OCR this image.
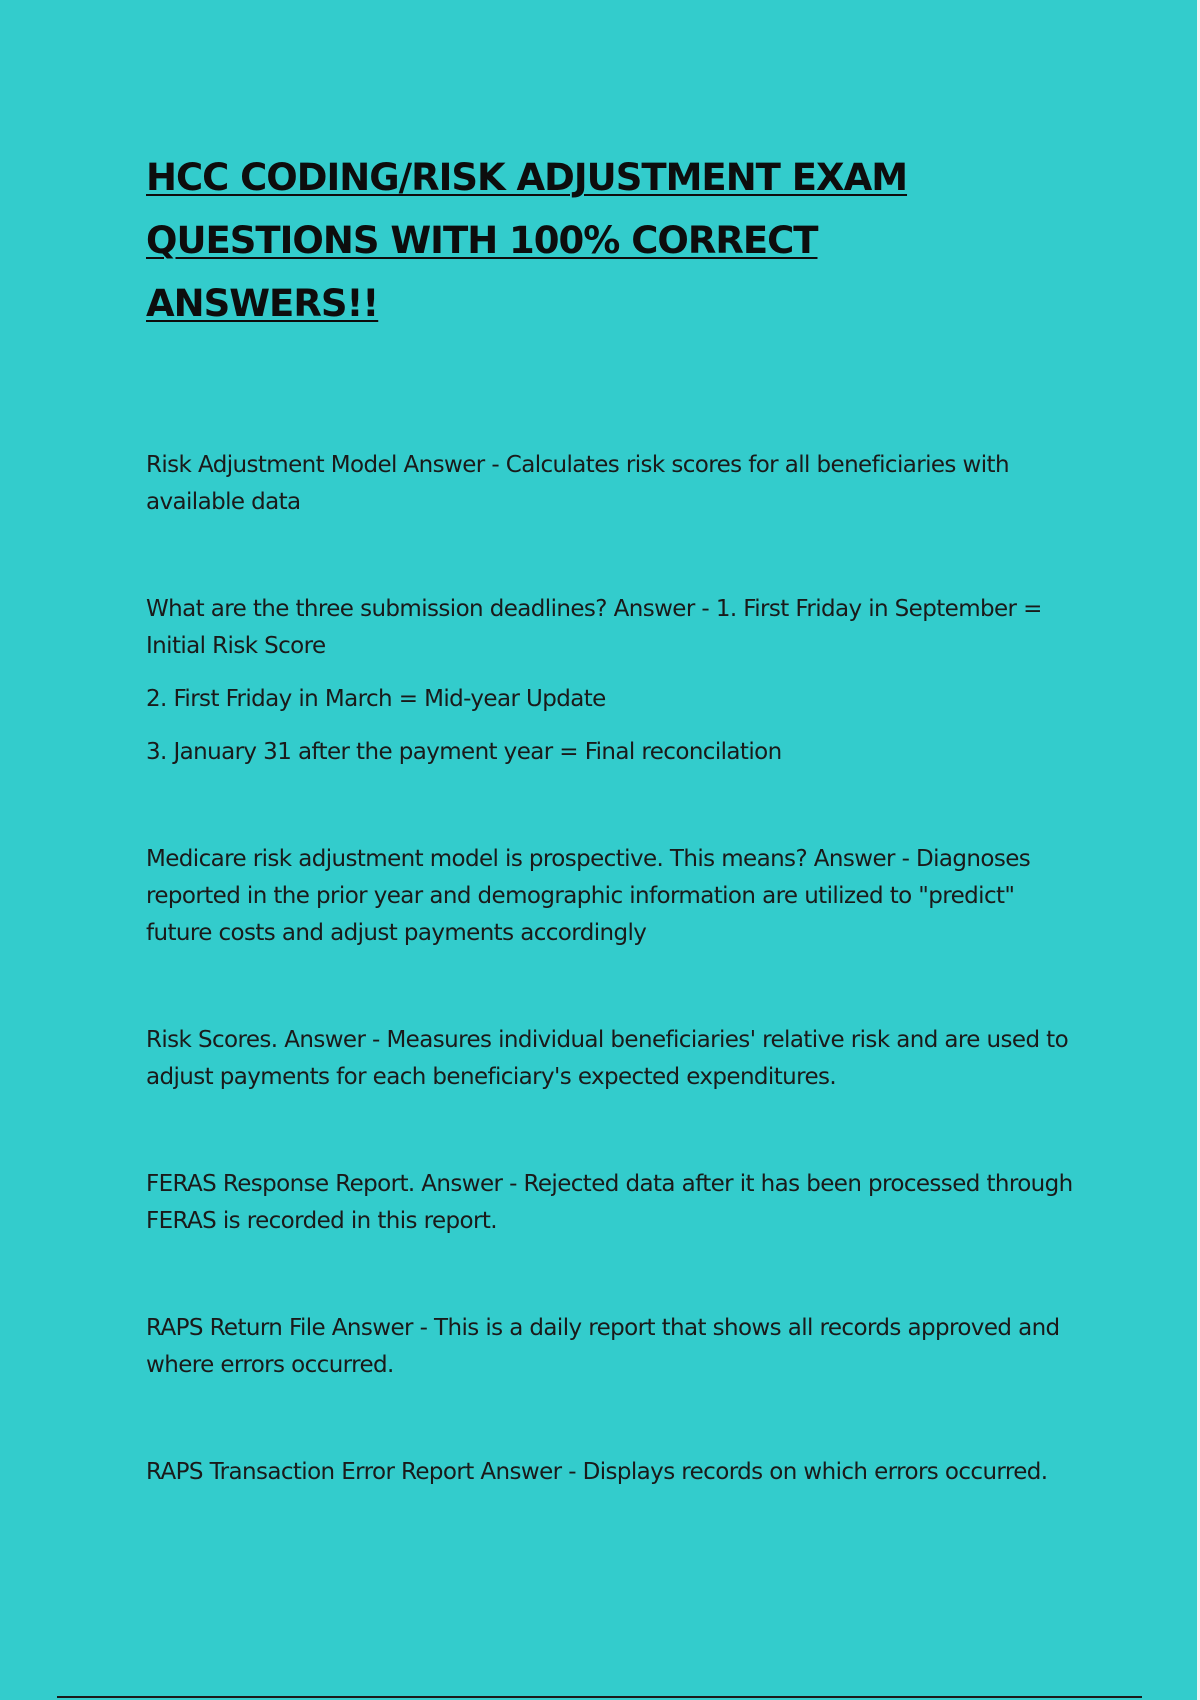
HCC CODING/RISK ADJUSTMENT EXAM QUESTIONS WITH 100% CORRECT ANSWERS!!

Risk Adjustment Model Answer - Calculates risk scores for all beneficiaries with available data

What are the three submission deadlines? Answer - 1. First Friday in September = Initial Risk Score

2. First Friday in March = Mid-year Update

3. January 31 after the payment year = Final reconcilation

Medicare risk adjustment model is prospective. This means? Answer - Diagnoses reported in the prior year and demographic information are utilized to "predict" future costs and adjust payments accordingly

Risk Scores. Answer - Measures individual beneficiaries' relative risk and are used to adjust payments for each beneficiary's expected expenditures.

FERAS Response Report. Answer - Rejected data after it has been processed through FERAS is recorded in this report.

RAPS Return File Answer - This is a daily report that shows all records approved and where errors occurred.

RAPS Transaction Error Report Answer - Displays records on which errors occurred.
